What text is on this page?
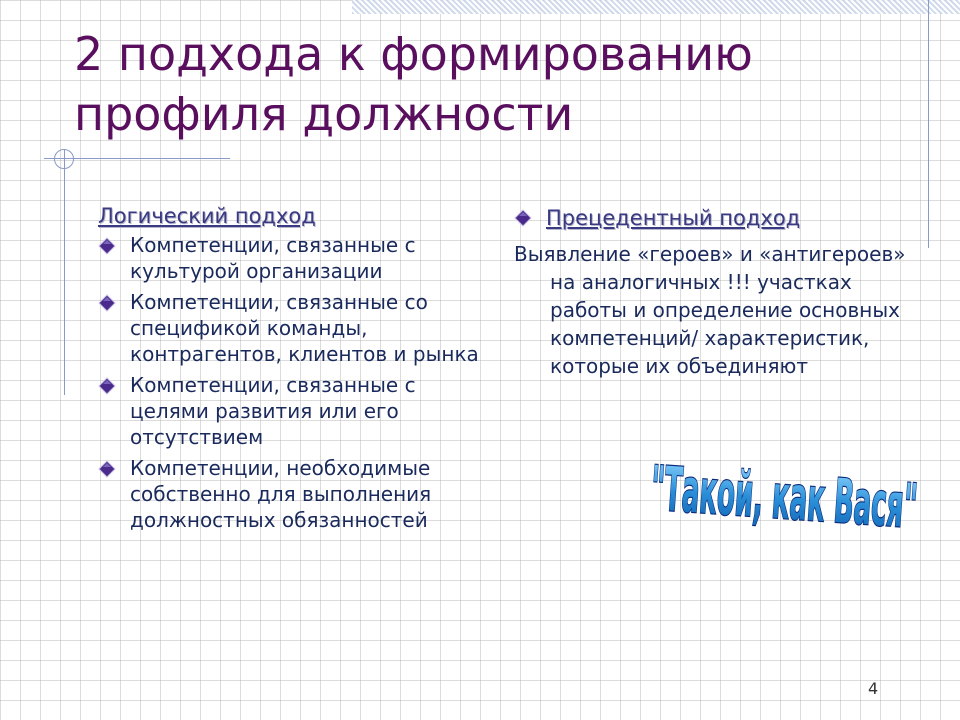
2 подхода к формированию профиля должности
Логический подход
Компетенции, связанные с культурой организации
Компетенции, связанные со спецификой команды, контрагентов, клиентов и рынка
Компетенции, связанные с целями развития или его отсутствием
Компетенции, необходимые собственно для выполнения должностных обязанностей
Прецедентный подход
Выявление «героев» и «антигероев» на аналогичных !!! участках работы и определение основных компетенций/ характеристик, которые их объединяют
"Такой, как Вася"
4
